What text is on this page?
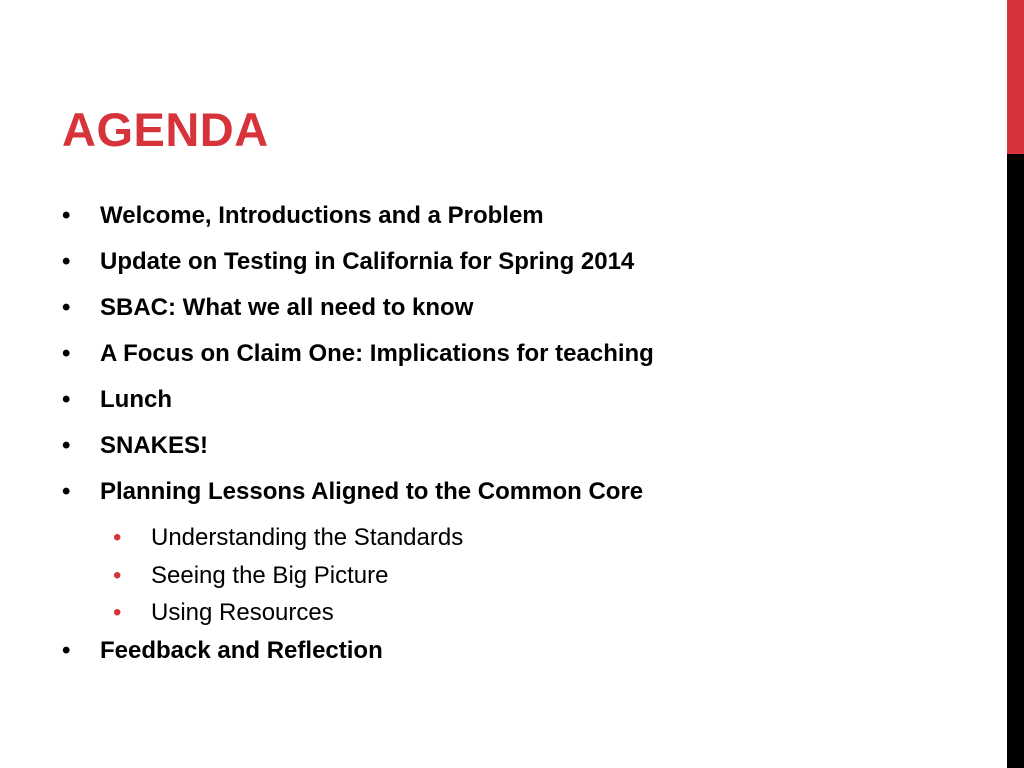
AGENDA
•	Welcome, Introductions and a Problem
•	Update on Testing in California for Spring 2014
•	SBAC: What we all need to know
•	A Focus on Claim One: Implications for teaching
•	Lunch
•	SNAKES!
•	Planning Lessons Aligned to the Common Core
•	Understanding the Standards
•	Seeing the Big Picture
•	Using Resources
•	Feedback and Reflection
